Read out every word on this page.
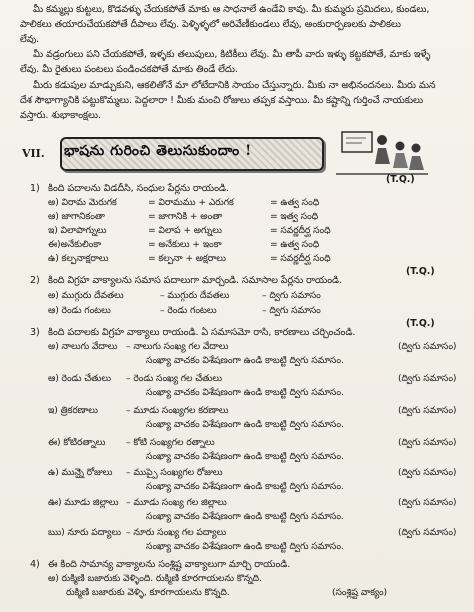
మీ కమ్మల్లు కుట్టలు, కొడవళ్ళు చేయకపోతే మాకు ఆ సాధనాలే ఉండేవి కావు. మీ కుమ్మరు ప్రమిదలు, కుండలు,
పాలికలు తయారుచేయకపోతే దీపాలు లేవు. పెళ్ళిళ్ళలో అరివేణీకుండలు లేవు, అంకురార్పణలకు పాలికలు
లేవు.
మీ వడ్రంగులు పని చేయకపోతే, ఇళ్ళకు తలుపులు, కిటికీలు లేవు. మీ తాపీ వారు ఇళ్ళు కట్టకపోతే, మాకు ఇళ్ళే
లేవు. మీ రైతులు పంటలు పండించకపోతే మాకు తిండే లేదు.
మీరు కడుపుల మాడ్చుకుని, ఆకలితోనే మా లోటేదానికి సాయం చేస్తున్నారు. మీకు నా అభినందనలు. మీరు మన
దేశ సౌభాగ్యానికి పట్టుకొమ్మలు. పెద్దలారా ! మీకు మంచి రోజులు తప్పక వస్తాయి. మీ కష్టాన్ని గుర్తించే నాయకులు
వస్తారు. శుభాకాంక్షలు.
VII. భాషను గురించి తెలుసుకుందాం !
(T.Q.)
1) కింది పదాలను విడదీసి, సంధుల పేర్లను రాయండి.
అ) విరామ మెరుగక	= విరామము + ఎరుగక	= ఉత్వ సంధి
ఆ) జాగానికంతా	= జాగానికి + అంతా	= ఇత్వ సంధి
ఇ) విలాపాగ్నులు	= విలాప + అగ్నులు	= సవర్ణదీర్ఘ సంధి
ఈ)అనేకులింకా	= అనేకులు + ఇంకా	= ఉత్వ సంధి
ఉ) కల్పనాక్షరాలు	= కల్పనా + అక్షరాలు	= సవర్ణదీర్ఘ సంధి
(T.Q.)
2) కింది విగ్రహ వాక్యాలను సమాస పదాలుగా మార్చండి. సమాసాల పేర్లను రాయండి.
అ) ముగ్గురు దేవతలు	– ముగ్గురు దేవతలు	– ద్విగు సమాసం
ఆ) రెండు గంటలు	– రెండు గంటలు	– ద్విగు సమాసం
(T.Q.)
3) కింది పదాలకు విగ్రహ వాక్యాలు రాయండి. ఏ సమాసమో రాసి, కారణాలు చర్చించండి.
అ) నాలుగు వేదాలు – నాలుగు సంఖ్య గల వేదాలు	(ద్విగు సమాసం)
సంఖ్యా వాచకం విశేషణంగా ఉండి కాబట్టి ద్విగు సమాసం.
ఆ) రెండు చేతులు – రెండు సంఖ్య గల చేతులు	(ద్విగు సమాసం)
సంఖ్యా వాచకం విశేషణంగా ఉండి కాబట్టి ద్విగు సమాసం.
ఇ) త్రికరణాలు	– మూడు సంఖ్యగల కరణాలు	(ద్విగు సమాసం)
సంఖ్యా వాచకం విశేషణంగా ఉండి కాబట్టి ద్విగు సమాసం.
ఈ) కోటిరత్నాలు – కోటి సంఖ్యగల రత్నాలు	(ద్విగు సమాసం)
సంఖ్యా వాచకం విశేషణంగా ఉండి కాబట్టి ద్విగు సమాసం.
ఉ) మున్నెై రోజులు – ముప్పై సంఖ్యగల రోజులు	(ద్విగు సమాసం)
సంఖ్యా వాచకం విశేషణంగా ఉండి కాబట్టి ద్విగు సమాసం.
ఊ) మూడు జిల్లాలు – మూడు సంఖ్య గల జిల్లాలు	(ద్విగు సమాసం)
సంఖ్యా వాచకం విశేషణంగా ఉండి కాబట్టి ద్విగు సమాసం.
ఋ) నూరు పద్యాలు – నూరు సంఖ్య గల పద్యాలు	(ద్విగు సమాసం)
సంఖ్యా వాచకం విశేషణంగా ఉండి కాబట్టి ద్విగు సమాసం.
4) ఈ కింది సామాన్య వాక్యాలను సంశ్లిష్ట వాక్యాలుగా మార్చి రాయండి.
అ) రుక్మిణి బజారుకు వెళ్ళింది. రుక్మిణి కూరగాయలను కొన్నది.
రుక్మిణి బజారుకు వెళ్ళి, కూరగాయలను కొన్నది.	(సంశ్లిష్ట వాక్యం)
